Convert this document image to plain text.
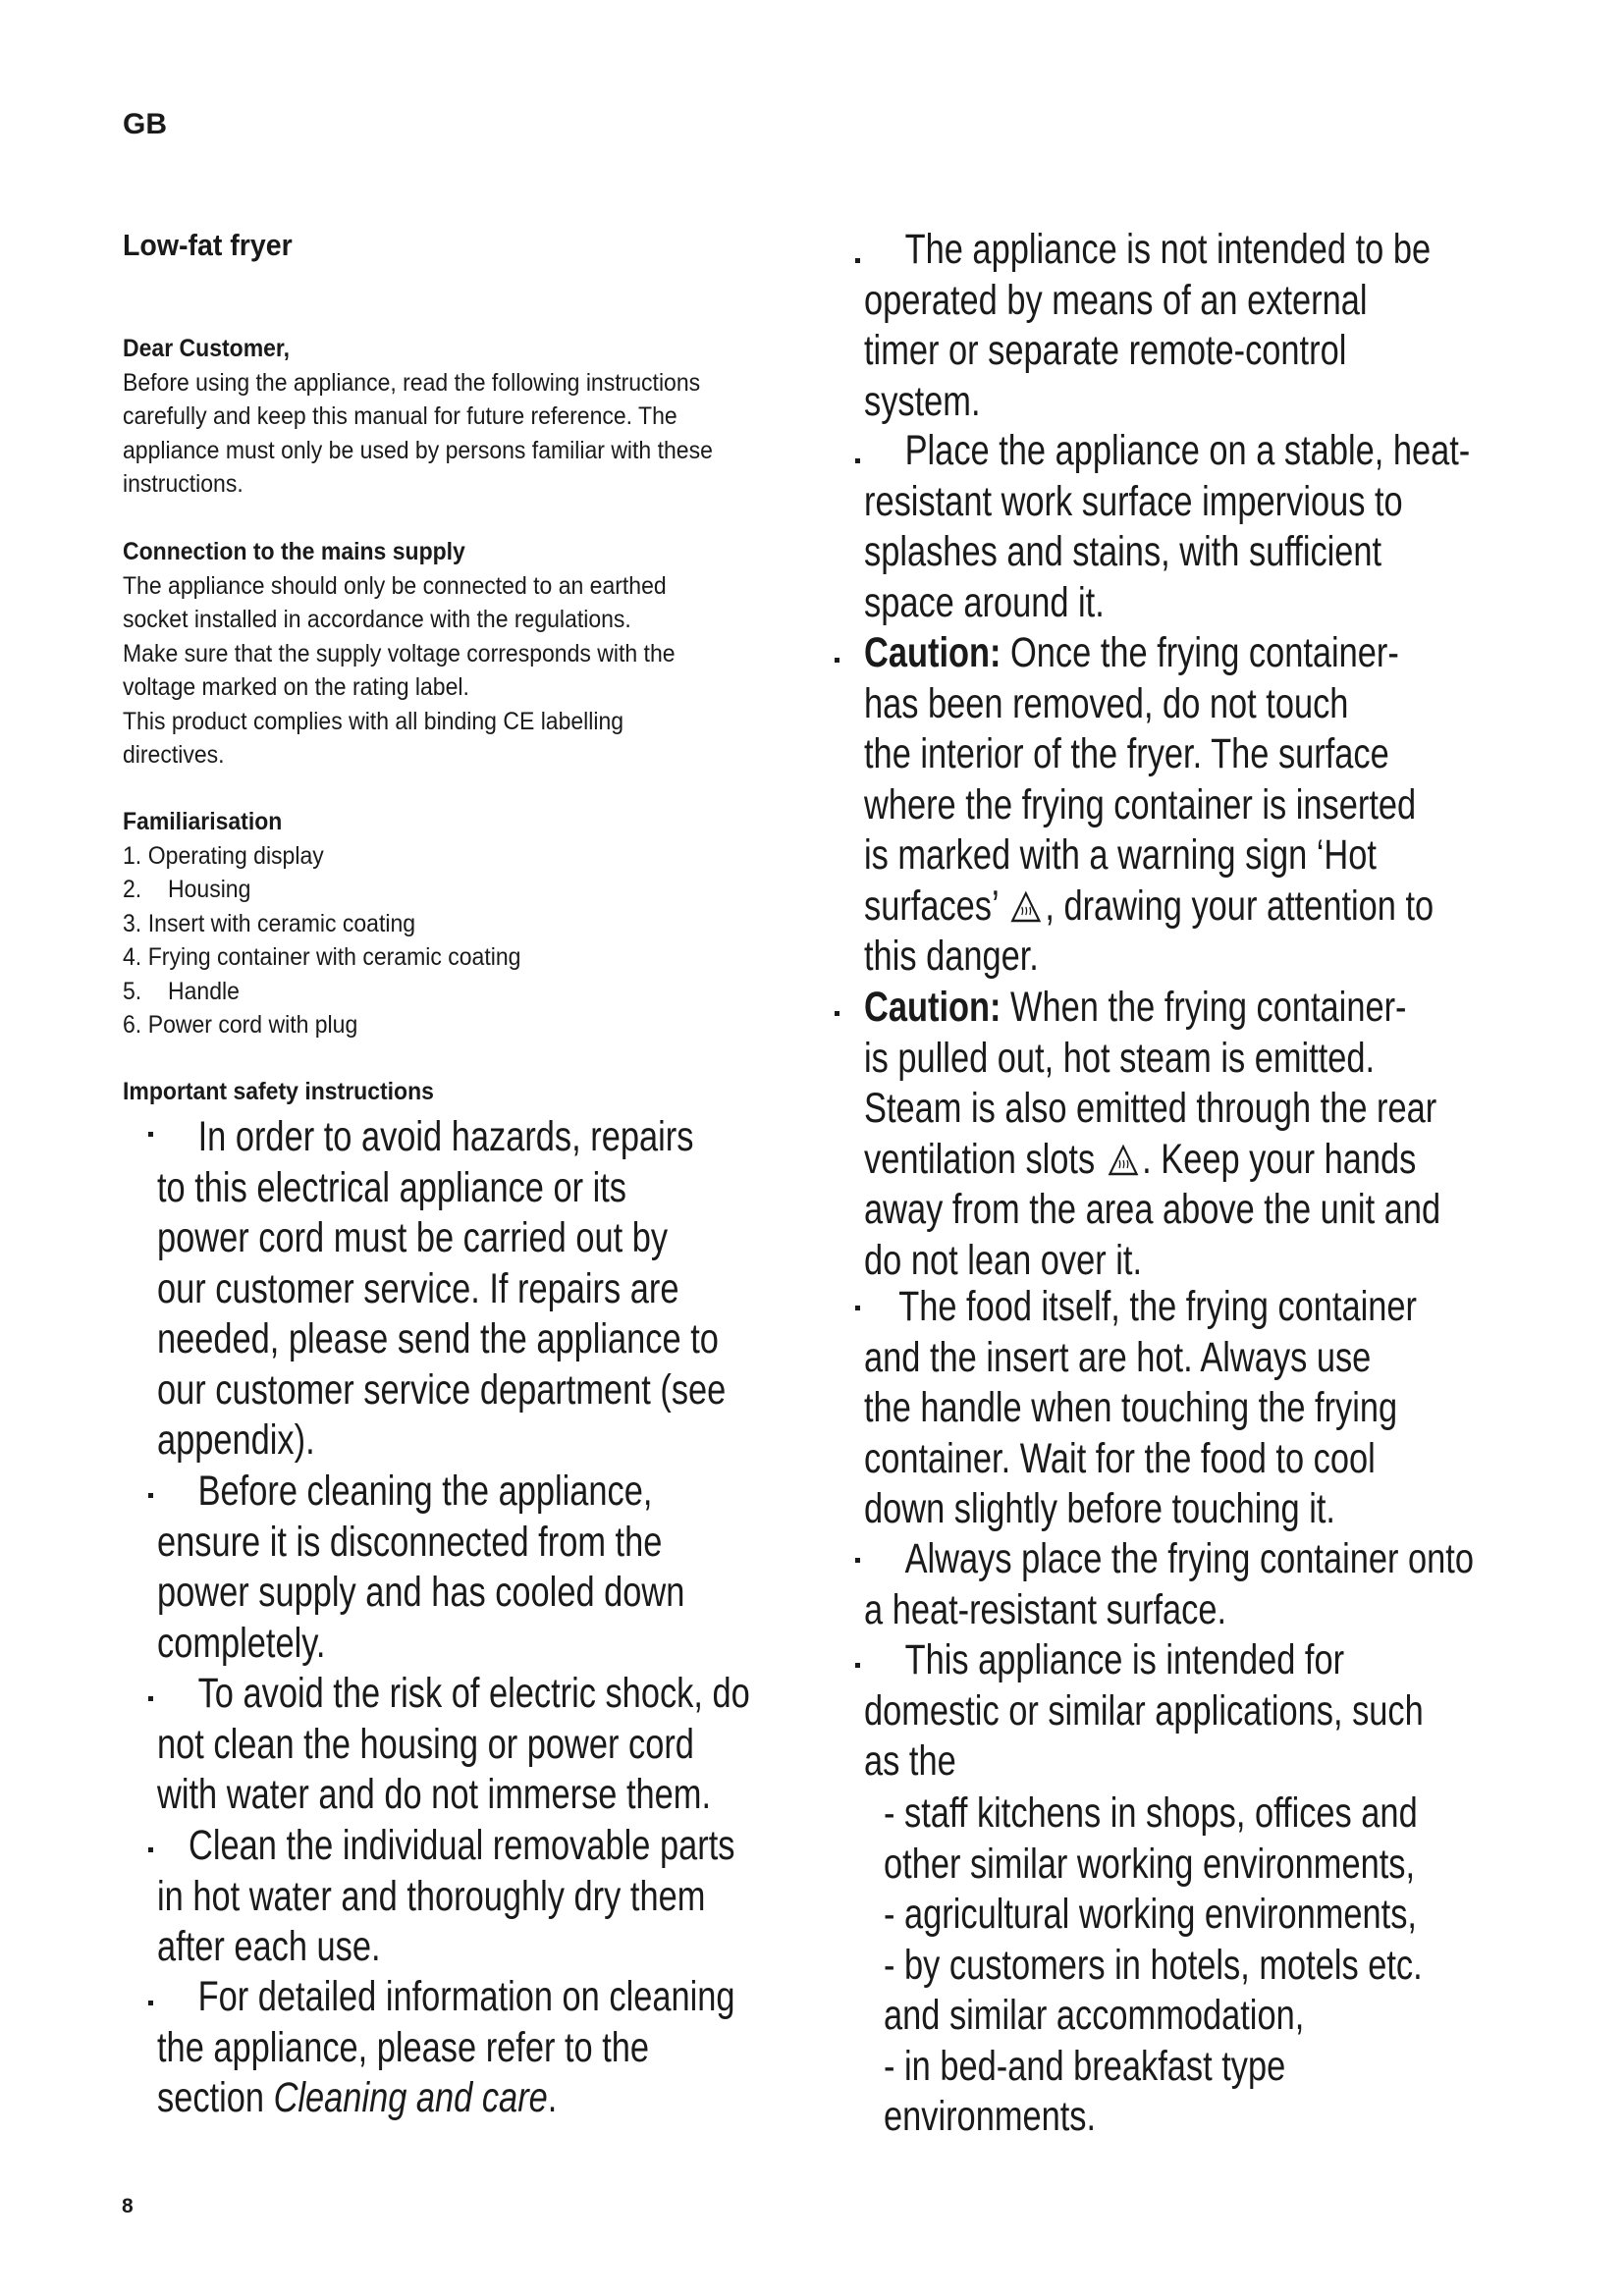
GB
Low-fat fryer
Dear Customer,
Before using the appliance, read the following instructions
carefully and keep this manual for future reference. The
appliance must only be used by persons familiar with these
instructions.
Connection to the mains supply
The appliance should only be connected to an earthed
socket installed in accordance with the regulations.
Make sure that the supply voltage corresponds with the
voltage marked on the rating label.
This product complies with all binding CE labelling
directives.
Familiarisation
1. Operating display
2. Housing
3. Insert with ceramic coating
4. Frying container with ceramic coating
5. Handle
6. Power cord with plug
Important safety instructions
In order to avoid hazards, repairs
to this electrical appliance or its
power cord must be carried out by
our customer service. If repairs are
needed, please send the appliance to
our customer service department (see
appendix).
Before cleaning the appliance,
ensure it is disconnected from the
power supply and has cooled down
completely.
To avoid the risk of electric shock, do
not clean the housing or power cord
with water and do not immerse them.
Clean the individual removable parts
in hot water and thoroughly dry them
after each use.
For detailed information on cleaning
the appliance, please refer to the
section Cleaning and care.
The appliance is not intended to be
operated by means of an external
timer or separate remote-control
system.
Place the appliance on a stable, heat-
resistant work surface impervious to
splashes and stains, with sufficient
space around it.
Caution: Once the frying container-
has been removed, do not touch
the interior of the fryer. The surface
where the frying container is inserted
is marked with a warning sign ‘Hot
surfaces’ , drawing your attention to
this danger.
Caution: When the frying container-
is pulled out, hot steam is emitted.
Steam is also emitted through the rear
ventilation slots . Keep your hands
away from the area above the unit and
do not lean over it.
The food itself, the frying container
and the insert are hot. Always use
the handle when touching the frying
container. Wait for the food to cool
down slightly before touching it.
Always place the frying container onto
a heat-resistant surface.
This appliance is intended for
domestic or similar applications, such
as the
- staff kitchens in shops, offices and
other similar working environments,
- agricultural working environments,
- by customers in hotels, motels etc.
and similar accommodation,
- in bed-and breakfast type
environments.
8
